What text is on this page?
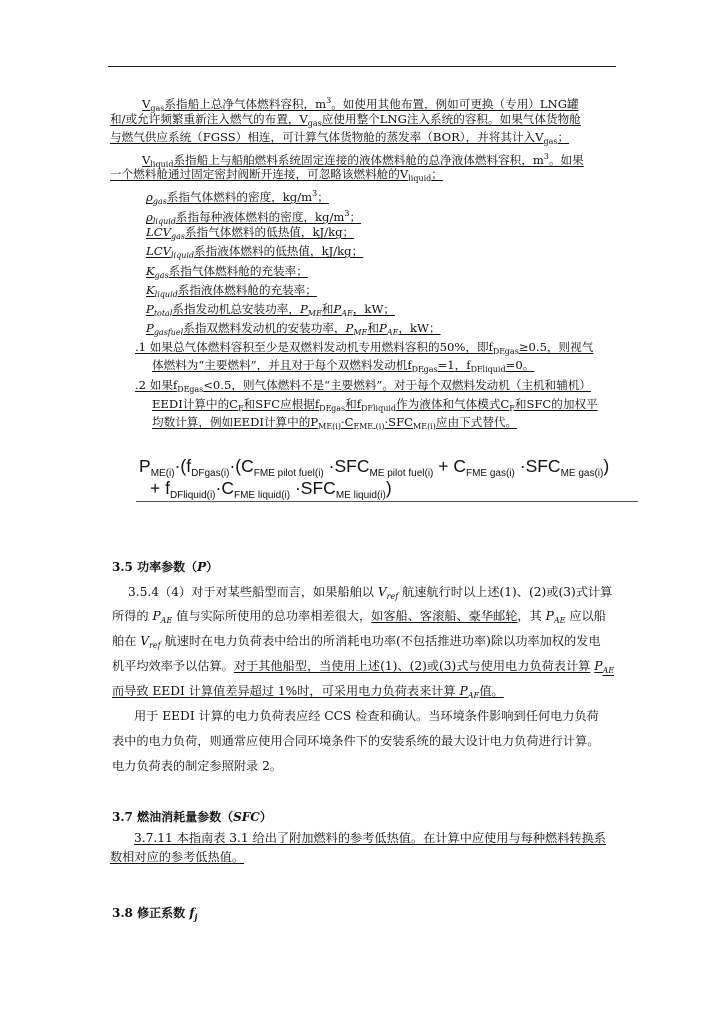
$V_{gas}$系指船上总净气体燃料容积，$m^3$。如使用其他布置，例如可更换（专用）LNG罐
和/或允许频繁重新注入燃气的布置，$V_{gas}$应使用整个LNG注入系统的容积。如果气体货物舱
与燃气供应系统（FGSS）相连，可计算气体货物舱的蒸发率（BOR），并将其计入$V_{gas}$；
$V_{liquid}$系指船上与船舶燃料系统固定连接的液体燃料舱的总净液体燃料容积，$m^3$。如果
一个燃料舱通过固定密封阀断开连接，可忽略该燃料舱的$V_{liquid}$；
$\rho_{gas}$系指气体燃料的密度，$kg/m^3$；
$\rho_{liquid}$系指每种液体燃料的密度，$kg/m^3$；
$LCV_{gas}$系指气体燃料的低热值，kJ/kg；
$LCV_{liquid}$系指液体燃料的低热值，kJ/kg；
$K_{gas}$系指气体燃料舱的充装率；
$K_{liquid}$系指液体燃料舱的充装率；
$P_{total}$系指发动机总安装功率，$P_{ME}$和$P_{AE}$，kW；
$P_{gasfuel}$系指双燃料发动机的安装功率，$P_{ME}$和$P_{AE}$，kW；
.1 如果总气体燃料容积至少是双燃料发动机专用燃料容积的50%，即$f_{DFgas}\ge 0.5$，则视气
体燃料为“主要燃料”，并且对于每个双燃料发动机$f_{DFgas}=1$，$f_{DFliquid}=0$。
.2 如果$f_{DFgas}<0.5$，则气体燃料不是“主要燃料”。对于每个双燃料发动机（主机和辅机）
EEDI计算中的$C_F$和SFC应根据$f_{DFgas}$和$f_{DFliquid}$作为液体和气体模式$C_F$和SFC的加权平
均数计算，例如EEDI计算中的$P_{ME(i)}\cdot C_{FME (i)}\cdot SFC_{ME(i)}$应由下式替代。
$P_{ME(i)}\cdot(f_{DFgas(i)}\cdot(C_{FME pilot fuel(i)} \cdot SFC_{ME pilot fuel(i)} + C_{FME gas(i)} \cdot SFC_{ME gas(i)})$
+ $f_{DFliquid(i)}\cdot C_{FME liquid(i)} \cdot SFC_{ME liquid(i)}$)
3.5 功率参数（P）
3.5.4（4）对于对某些船型而言，如果船舶以 $V_{ref}$ 航速航行时以上述(1)、(2)或(3)式计算
所得的 $P_{AE}$ 值与实际所使用的总功率相差很大，如客船、客滚船、豪华邮轮，其 $P_{AE}$ 应以船
舶在 $V_{ref}$ 航速时在电力负荷表中给出的所消耗电功率(不包括推进功率)除以功率加权的发电
机平均效率予以估算。对于其他船型，当使用上述(1)、(2)或(3)式与使用电力负荷表计算 $P_{AE}$
而导致 EEDI 计算值差异超过 1%时，可采用电力负荷表来计算 $P_{AE}$值。
用于 EEDI 计算的电力负荷表应经 CCS 检查和确认。当环境条件影响到任何电力负荷
表中的电力负荷，则通常应使用合同环境条件下的安装系统的最大设计电力负荷进行计算。
电力负荷表的制定参照附录 2。
3.7 燃油消耗量参数（SFC）
3.7.11 本指南表 3.1 给出了附加燃料的参考低热值。在计算中应使用与每种燃料转换系
数相对应的参考低热值。
3.8 修正系数 $f_j$
